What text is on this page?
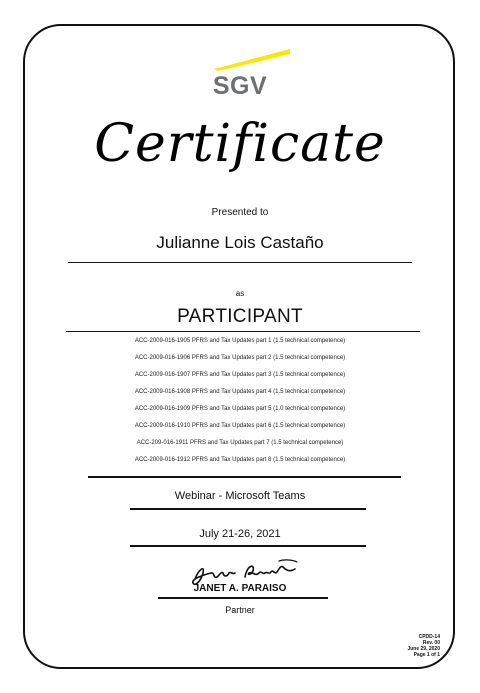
SGV
Certificate
Presented to
Julianne Lois Castaño
as
PARTICIPANT
ACC-2009-016-1905 PFRS and Tax Updates part 1 (1.5 technical competence)
ACC-2009-016-1906 PFRS and Tax Updates part 2 (1.5 technical competence)
ACC-2009-016-1907 PFRS and Tax Updates part 3 (1.5 technical competence)
ACC-2009-016-1908 PFRS and Tax Updates part 4 (1.5 technical competence)
ACC-2009-016-1909 PFRS and Tax Updates part 5 (1.0 technical competence)
ACC-2009-016-1910 PFRS and Tax Updates part 6 (1.5 technical competence)
ACC-209-016-1911 PFRS and Tax Updates part 7 (1.5 technical competence)
ACC-2009-016-1912 PFRS and Tax Updates part 8 (1.5 technical competence)
Webinar - Microsoft Teams
July 21-26, 2021
JANET A. PARAISO
Partner
CPDD-14
Rev. 00
June 29, 2020
Page 1 of 1
